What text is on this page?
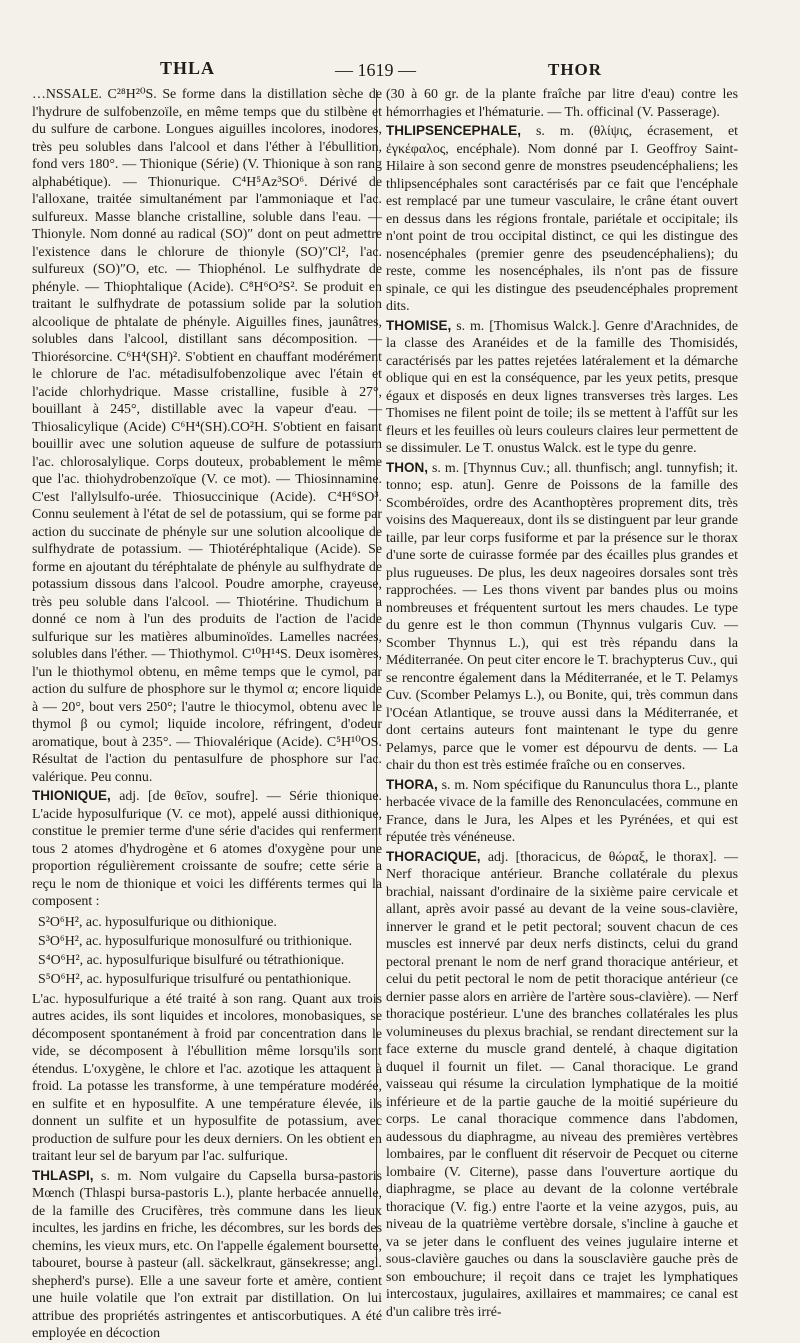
THLA	— 1619 —	THOR

…NSSALE. C²⁸H²⁰S. Se forme dans la distillation sèche de l'hydrure de sulfobenzoïle, en même temps que du stilbène et du sulfure de carbone. Longues aiguilles incolores, inodores, très peu solubles dans l'alcool et dans l'éther à l'ébullition, fond vers 180°. — Thionique (Série) (V. Thionique à son rang alphabétique). — Thionurique. C⁴H⁵Az³SO⁶. Dérivé de l'alloxane, traitée simultanément par l'ammoniaque et l'ac. sulfureux. Masse blanche cristalline, soluble dans l'eau. — Thionyle. Nom donné au radical (SO)″ dont on peut admettre l'existence dans le chlorure de thionyle (SO)″Cl², l'ac. sulfureux (SO)″O, etc. — Thiophénol. Le sulfhydrate de phényle. — Thiophtalique (Acide). C⁸H⁶O²S². Se produit en traitant le sulfhydrate de potassium solide par la solution alcoolique de phtalate de phényle. Aiguilles fines, jaunâtres, solubles dans l'alcool, distillant sans décomposition. — Thiorésorcine. C⁶H⁴(SH)². S'obtient en chauffant modérément le chlorure de l'ac. métadisulfobenzolique avec l'étain et l'acide chlorhydrique. Masse cristalline, fusible à 27°, bouillant à 245°, distillable avec la vapeur d'eau. — Thiosalicylique (Acide) C⁶H⁴(SH).CO²H. S'obtient en faisant bouillir avec une solution aqueuse de sulfure de potassium l'ac. chlorosalylique. Corps douteux, probablement le même que l'ac. thiohydrobenzoïque (V. ce mot). — Thiosinnamine. C'est l'allylsulfo-urée. Thiosuccinique (Acide). C⁴H⁶SO³. Connu seulement à l'état de sel de potassium, qui se forme par action du succinate de phényle sur une solution alcoolique de sulfhydrate de potassium. — Thiotéréphtalique (Acide). Se forme en ajoutant du téréphtalate de phényle au sulfhydrate de potassium dissous dans l'alcool. Poudre amorphe, crayeuse, très peu soluble dans l'alcool. — Thiotérine. Thudichum a donné ce nom à l'un des produits de l'action de l'acide sulfurique sur les matières albuminoïdes. Lamelles nacrées, solubles dans l'éther. — Thiothymol. C¹⁰H¹⁴S. Deux isomères, l'un le thiothymol obtenu, en même temps que le cymol, par action du sulfure de phosphore sur le thymol α; encore liquide à — 20°, bout vers 250°; l'autre le thiocymol, obtenu avec le thymol β ou cymol; liquide incolore, réfringent, d'odeur aromatique, bout à 235°. — Thiovalérique (Acide). C⁵H¹⁰OS. Résultat de l'action du pentasulfure de phosphore sur l'ac. valérique. Peu connu.

THIONIQUE, adj. [de θεῖον, soufre]. — Série thionique. L'acide hyposulfurique (V. ce mot), appelé aussi dithionique, constitue le premier terme d'une série d'acides qui renferment tous 2 atomes d'hydrogène et 6 atomes d'oxygène pour une proportion régulièrement croissante de soufre; cette série a reçu le nom de thionique et voici les différents termes qui la composent :

S²O⁶H², ac. hyposulfurique ou dithionique.
S³O⁶H², ac. hyposulfurique monosulfuré ou trithionique.
S⁴O⁶H², ac. hyposulfurique bisulfuré ou tétrathionique.
S⁵O⁶H², ac. hyposulfurique trisulfuré ou pentathionique.

L'ac. hyposulfurique a été traité à son rang. Quant aux trois autres acides, ils sont liquides et incolores, monobasiques, se décomposent spontanément à froid par concentration dans le vide, se décomposent à l'ébullition même lorsqu'ils sont étendus. L'oxygène, le chlore et l'ac. azotique les attaquent à froid. La potasse les transforme, à une température modérée, en sulfite et en hyposulfite. A une température élevée, ils donnent un sulfite et un hyposulfite de potassium, avec production de sulfure pour les deux derniers. On les obtient en traitant leur sel de baryum par l'ac. sulfurique.

THLASPI, s. m. Nom vulgaire du Capsella bursa-pastoris Mœnch (Thlaspi bursa-pastoris L.), plante herbacée annuelle, de la famille des Crucifères, très commune dans les lieux incultes, les jardins en friche, les décombres, sur les bords des chemins, les vieux murs, etc. On l'appelle également boursette, tabouret, bourse à pasteur (all. säckelkraut, gänsekresse; angl. shepherd's purse). Elle a une saveur forte et amère, contient une huile volatile que l'on extrait par distillation. On lui attribue des propriétés astringentes et antiscorbutiques. A été employée en décoction

(30 à 60 gr. de la plante fraîche par litre d'eau) contre les hémorrhagies et l'hématurie. — Th. officinal (V. Passerage).

THLIPSENCEPHALE, s. m. (θλίψις, écrasement, et ἐγκέφαλος, encéphale). Nom donné par I. Geoffroy Saint-Hilaire à son second genre de monstres pseudencéphaliens; les thlipsencéphales sont caractérisés par ce fait que l'encéphale est remplacé par une tumeur vasculaire, le crâne étant ouvert en dessus dans les régions frontale, pariétale et occipitale; ils n'ont point de trou occipital distinct, ce qui les distingue des nosencéphales (premier genre des pseudencéphaliens); du reste, comme les nosencéphales, ils n'ont pas de fissure spinale, ce qui les distingue des pseudencéphales proprement dits.

THOMISE, s. m. [Thomisus Walck.]. Genre d'Arachnides, de la classe des Aranéides et de la famille des Thomisidés, caractérisés par les pattes rejetées latéralement et la démarche oblique qui en est la conséquence, par les yeux petits, presque égaux et disposés en deux lignes transverses très larges. Les Thomises ne filent point de toile; ils se mettent à l'affût sur les fleurs et les feuilles où leurs couleurs claires leur permettent de se dissimuler. Le T. onustus Walck. est le type du genre.

THON, s. m. [Thynnus Cuv.; all. thunfisch; angl. tunnyfish; it. tonno; esp. atun]. Genre de Poissons de la famille des Scombéroïdes, ordre des Acanthoptères proprement dits, très voisins des Maquereaux, dont ils se distinguent par leur grande taille, par leur corps fusiforme et par la présence sur le thorax d'une sorte de cuirasse formée par des écailles plus grandes et plus rugueuses. De plus, les deux nageoires dorsales sont très rapprochées. — Les thons vivent par bandes plus ou moins nombreuses et fréquentent surtout les mers chaudes. Le type du genre est le thon commun (Thynnus vulgaris Cuv. — Scomber Thynnus L.), qui est très répandu dans la Méditerranée. On peut citer encore le T. brachypterus Cuv., qui se rencontre également dans la Méditerranée, et le T. Pelamys Cuv. (Scomber Pelamys L.), ou Bonite, qui, très commun dans l'Océan Atlantique, se trouve aussi dans la Méditerranée, et dont certains auteurs font maintenant le type du genre Pelamys, parce que le vomer est dépourvu de dents. — La chair du thon est très estimée fraîche ou en conserves.

THORA, s. m. Nom spécifique du Ranunculus thora L., plante herbacée vivace de la famille des Renonculacées, commune en France, dans le Jura, les Alpes et les Pyrénées, et qui est réputée très vénéneuse.

THORACIQUE, adj. [thoracicus, de θώραξ, le thorax]. — Nerf thoracique antérieur. Branche collatérale du plexus brachial, naissant d'ordinaire de la sixième paire cervicale et allant, après avoir passé au devant de la veine sous-clavière, innerver le grand et le petit pectoral; souvent chacun de ces muscles est innervé par deux nerfs distincts, celui du grand pectoral prenant le nom de nerf grand thoracique antérieur, et celui du petit pectoral le nom de petit thoracique antérieur (ce dernier passe alors en arrière de l'artère sous-clavière). — Nerf thoracique postérieur. L'une des branches collatérales les plus volumineuses du plexus brachial, se rendant directement sur la face externe du muscle grand dentelé, à chaque digitation duquel il fournit un filet. — Canal thoracique. Le grand vaisseau qui résume la circulation lymphatique de la moitié inférieure et de la partie gauche de la moitié supérieure du corps. Le canal thoracique commence dans l'abdomen, audessous du diaphragme, au niveau des premières vertèbres lombaires, par le confluent dit réservoir de Pecquet ou citerne lombaire (V. Citerne), passe dans l'ouverture aortique du diaphragme, se place au devant de la colonne vertébrale thoracique (V. fig.) entre l'aorte et la veine azygos, puis, au niveau de la quatrième vertèbre dorsale, s'incline à gauche et va se jeter dans le confluent des veines jugulaire interne et sous-clavière gauches ou dans la sousclavière gauche près de son embouchure; il reçoit dans ce trajet les lymphatiques intercostaux, jugulaires, axillaires et mammaires; ce canal est d'un calibre très irré-
